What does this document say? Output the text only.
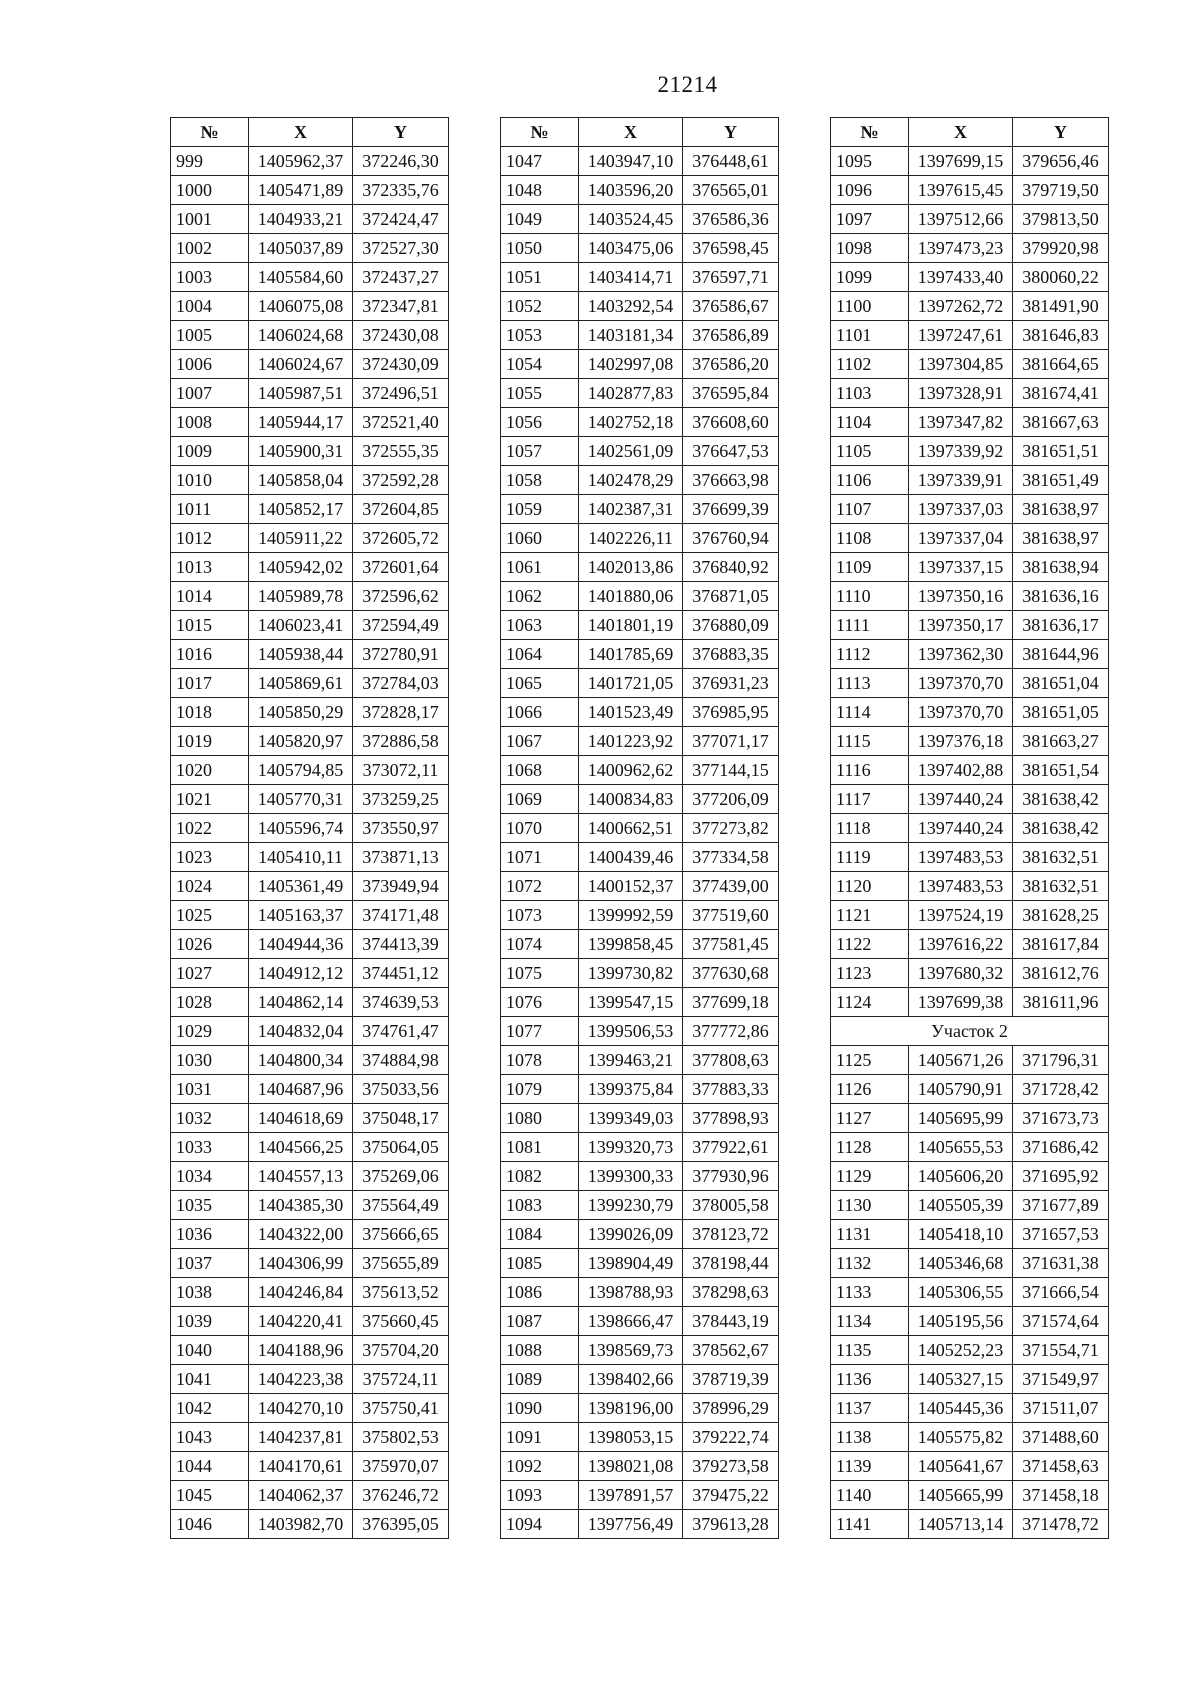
21214
№	X	Y
999	1405962,37	372246,30
1000	1405471,89	372335,76
1001	1404933,21	372424,47
1002	1405037,89	372527,30
1003	1405584,60	372437,27
1004	1406075,08	372347,81
1005	1406024,68	372430,08
1006	1406024,67	372430,09
1007	1405987,51	372496,51
1008	1405944,17	372521,40
1009	1405900,31	372555,35
1010	1405858,04	372592,28
1011	1405852,17	372604,85
1012	1405911,22	372605,72
1013	1405942,02	372601,64
1014	1405989,78	372596,62
1015	1406023,41	372594,49
1016	1405938,44	372780,91
1017	1405869,61	372784,03
1018	1405850,29	372828,17
1019	1405820,97	372886,58
1020	1405794,85	373072,11
1021	1405770,31	373259,25
1022	1405596,74	373550,97
1023	1405410,11	373871,13
1024	1405361,49	373949,94
1025	1405163,37	374171,48
1026	1404944,36	374413,39
1027	1404912,12	374451,12
1028	1404862,14	374639,53
1029	1404832,04	374761,47
1030	1404800,34	374884,98
1031	1404687,96	375033,56
1032	1404618,69	375048,17
1033	1404566,25	375064,05
1034	1404557,13	375269,06
1035	1404385,30	375564,49
1036	1404322,00	375666,65
1037	1404306,99	375655,89
1038	1404246,84	375613,52
1039	1404220,41	375660,45
1040	1404188,96	375704,20
1041	1404223,38	375724,11
1042	1404270,10	375750,41
1043	1404237,81	375802,53
1044	1404170,61	375970,07
1045	1404062,37	376246,72
1046	1403982,70	376395,05
№	X	Y
1047	1403947,10	376448,61
1048	1403596,20	376565,01
1049	1403524,45	376586,36
1050	1403475,06	376598,45
1051	1403414,71	376597,71
1052	1403292,54	376586,67
1053	1403181,34	376586,89
1054	1402997,08	376586,20
1055	1402877,83	376595,84
1056	1402752,18	376608,60
1057	1402561,09	376647,53
1058	1402478,29	376663,98
1059	1402387,31	376699,39
1060	1402226,11	376760,94
1061	1402013,86	376840,92
1062	1401880,06	376871,05
1063	1401801,19	376880,09
1064	1401785,69	376883,35
1065	1401721,05	376931,23
1066	1401523,49	376985,95
1067	1401223,92	377071,17
1068	1400962,62	377144,15
1069	1400834,83	377206,09
1070	1400662,51	377273,82
1071	1400439,46	377334,58
1072	1400152,37	377439,00
1073	1399992,59	377519,60
1074	1399858,45	377581,45
1075	1399730,82	377630,68
1076	1399547,15	377699,18
1077	1399506,53	377772,86
1078	1399463,21	377808,63
1079	1399375,84	377883,33
1080	1399349,03	377898,93
1081	1399320,73	377922,61
1082	1399300,33	377930,96
1083	1399230,79	378005,58
1084	1399026,09	378123,72
1085	1398904,49	378198,44
1086	1398788,93	378298,63
1087	1398666,47	378443,19
1088	1398569,73	378562,67
1089	1398402,66	378719,39
1090	1398196,00	378996,29
1091	1398053,15	379222,74
1092	1398021,08	379273,58
1093	1397891,57	379475,22
1094	1397756,49	379613,28
№	X	Y
1095	1397699,15	379656,46
1096	1397615,45	379719,50
1097	1397512,66	379813,50
1098	1397473,23	379920,98
1099	1397433,40	380060,22
1100	1397262,72	381491,90
1101	1397247,61	381646,83
1102	1397304,85	381664,65
1103	1397328,91	381674,41
1104	1397347,82	381667,63
1105	1397339,92	381651,51
1106	1397339,91	381651,49
1107	1397337,03	381638,97
1108	1397337,04	381638,97
1109	1397337,15	381638,94
1110	1397350,16	381636,16
1111	1397350,17	381636,17
1112	1397362,30	381644,96
1113	1397370,70	381651,04
1114	1397370,70	381651,05
1115	1397376,18	381663,27
1116	1397402,88	381651,54
1117	1397440,24	381638,42
1118	1397440,24	381638,42
1119	1397483,53	381632,51
1120	1397483,53	381632,51
1121	1397524,19	381628,25
1122	1397616,22	381617,84
1123	1397680,32	381612,76
1124	1397699,38	381611,96
Участок 2		
1125	1405671,26	371796,31
1126	1405790,91	371728,42
1127	1405695,99	371673,73
1128	1405655,53	371686,42
1129	1405606,20	371695,92
1130	1405505,39	371677,89
1131	1405418,10	371657,53
1132	1405346,68	371631,38
1133	1405306,55	371666,54
1134	1405195,56	371574,64
1135	1405252,23	371554,71
1136	1405327,15	371549,97
1137	1405445,36	371511,07
1138	1405575,82	371488,60
1139	1405641,67	371458,63
1140	1405665,99	371458,18
1141	1405713,14	371478,72
